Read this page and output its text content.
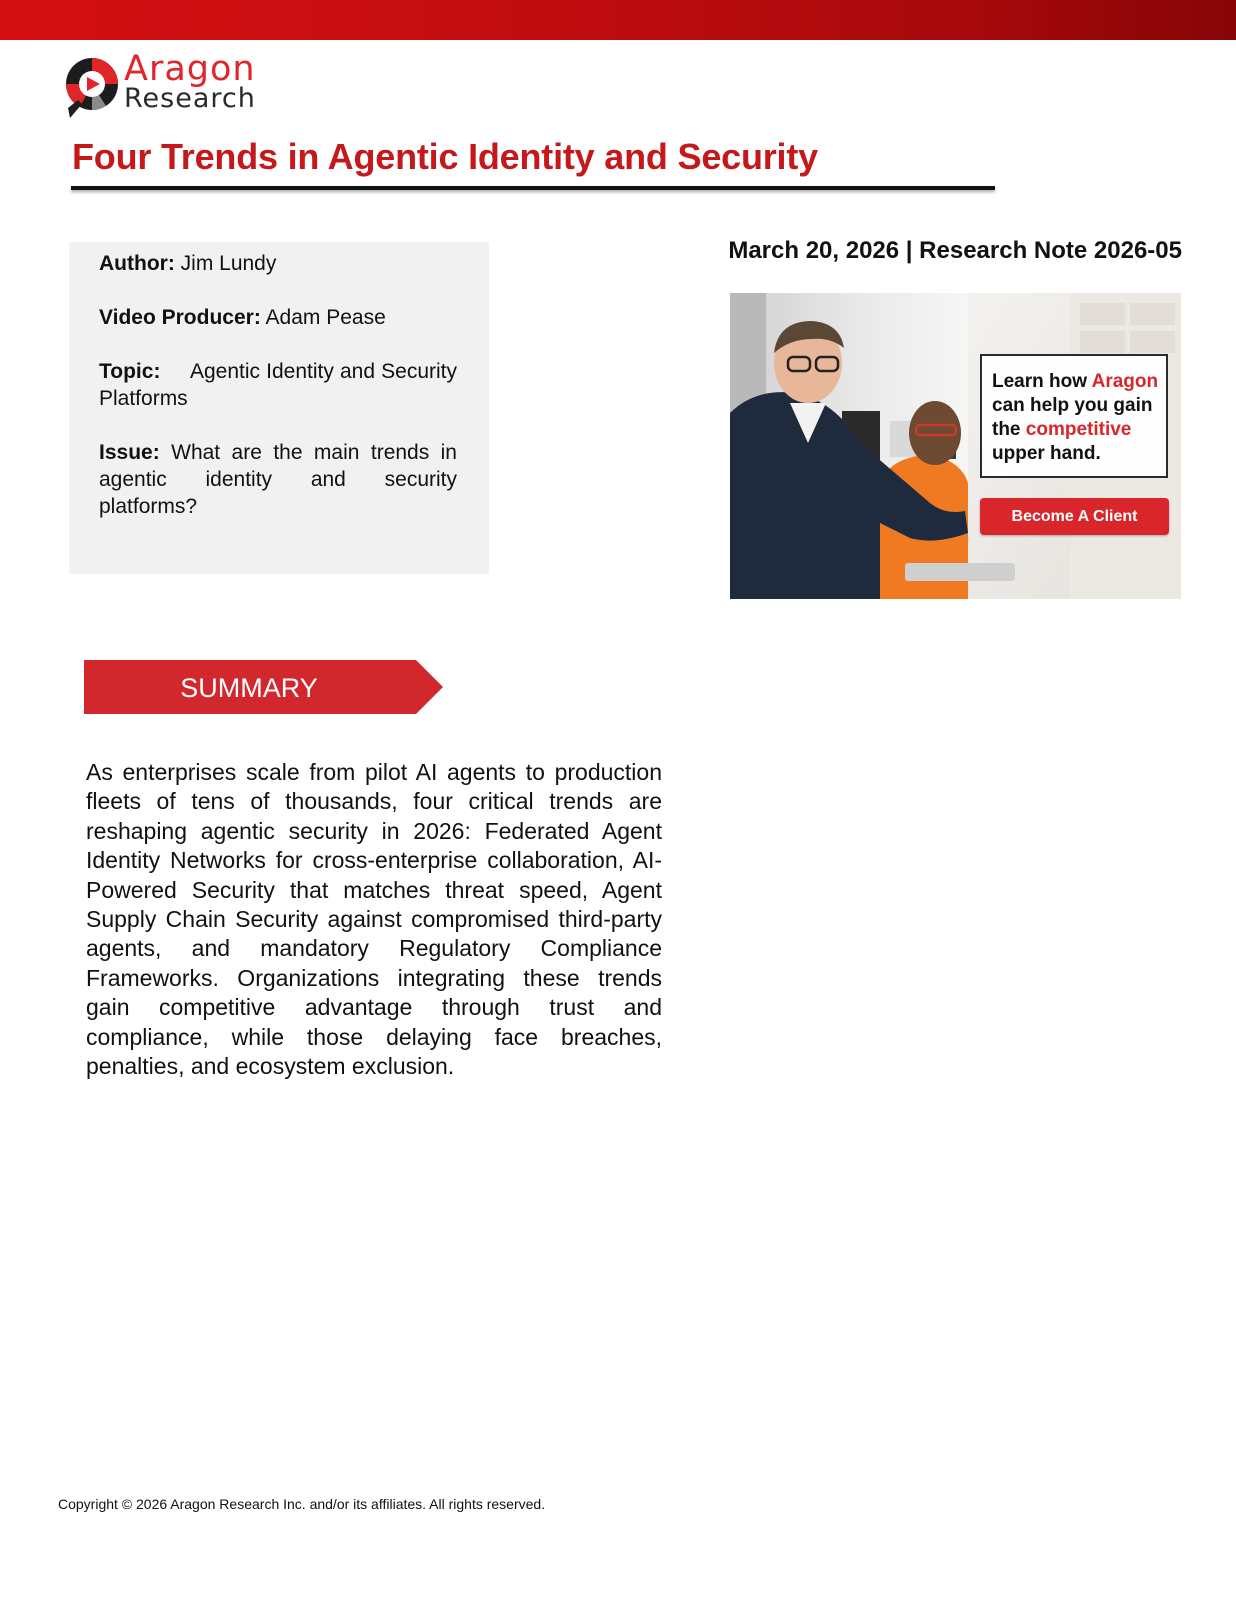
Aragon
Research
Four Trends in Agentic Identity and Security

Author: Jim Lundy

Video Producer: Adam Pease

Topic: Agentic Identity and Security Platforms

Issue: What are the main trends in agentic identity and security platforms?

March 20, 2026 | Research Note 2026-05
Learn how Aragon
can help you gain
the competitive
upper hand.
Become A Client
SUMMARY

As enterprises scale from pilot AI agents to production fleets of tens of thousands, four critical trends are reshaping agentic security in 2026: Federated Agent Identity Networks for cross-enterprise collaboration, AI-Powered Security that matches threat speed, Agent Supply Chain Security against compromised third-party agents, and mandatory Regulatory Compliance Frameworks. Organizations integrating these trends gain competitive advantage through trust and compliance, while those delaying face breaches, penalties, and ecosystem exclusion.

Copyright © 2026 Aragon Research Inc. and/or its affiliates. All rights reserved.
